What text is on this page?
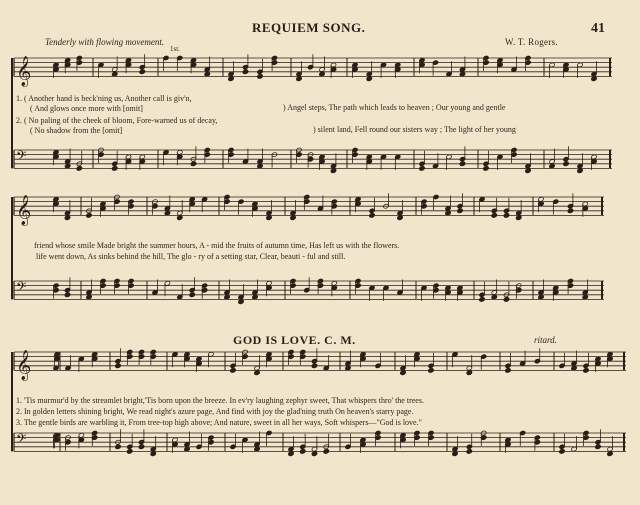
REQUIEM SONG.	41
Tenderly with flowing movement.	W. T. Rogers.
1st.
1. ( Another hand is beck'ning us, Another call is giv'n,
( And glows once more with [omit]
2. ( No paling of the cheek of bloom, Fore-warned us of decay,
( No shadow from the [omit]
) Angel steps, The path which leads to heaven ; Our young and gentle
) silent land, Fell round our sisters way ; The light of her young
friend whose smile Made bright the summer hours, A - mid the fruits of autumn time, Has left us with the flowers.
life went down, As sinks behind the hill, The glo - ry of a setting star, Clear, beauti - ful and still.
GOD IS LOVE. C. M.	ritard.
1. 'Tis murmur'd by the streamlet bright,'Tis born upon the breeze. In ev'ry laughing zephyr sweet, That whispers thro' the trees.
2. In golden letters shining bright, We read night's azure page, And find with joy the glad'ning truth On heaven's starry page.
3. The gentle birds are warbling it, From tree-top high above; And nature, sweet in all her ways, Soft whispers—"God is love."
𝄞
𝄢
𝄞
𝄢
𝄞
𝄢
